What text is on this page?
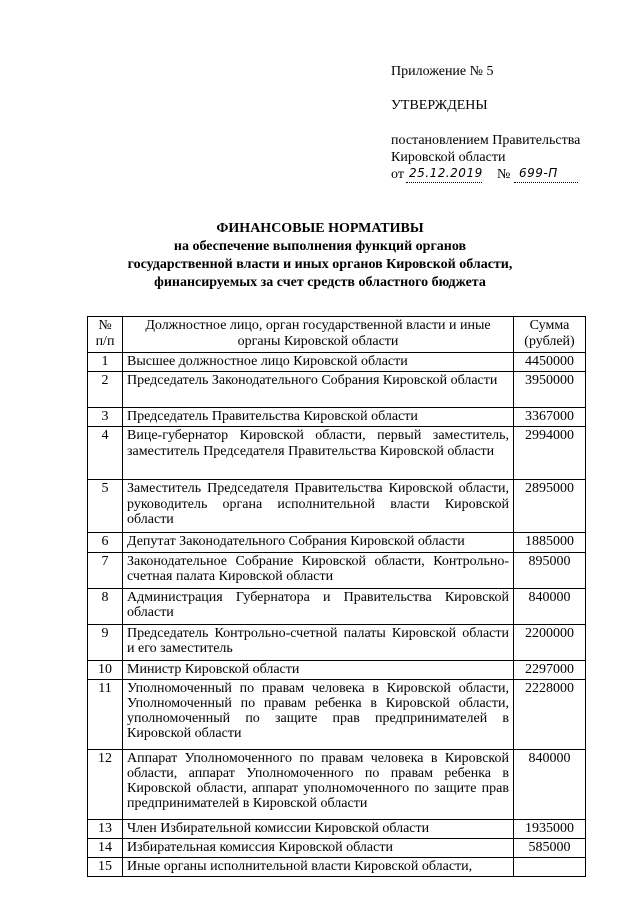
Приложение № 5
УТВЕРЖДЕНЫ
постановлением Правительства
Кировской области
от 25.12.2019 № 699-П
ФИНАНСОВЫЕ НОРМАТИВЫ
на обеспечение выполнения функций органов
государственной власти и иных органов Кировской области,
финансируемых за счет средств областного бюджета
№ п/п	Должностное лицо, орган государственной власти и иные органы Кировской области	Сумма (рублей)
1	Высшее должностное лицо Кировской области	4450000
2	Председатель Законодательного Собрания Кировской области	3950000
3	Председатель Правительства Кировской области	3367000
4	Вице-губернатор Кировской области, первый заместитель, заместитель Председателя Правительства Кировской области	2994000
5	Заместитель Председателя Правительства Кировской области, руководитель органа исполнительной власти Кировской области	2895000
6	Депутат Законодательного Собрания Кировской области	1885000
7	Законодательное Собрание Кировской области, Контрольно-счетная палата Кировской области	895000
8	Администрация Губернатора и Правительства Кировской области	840000
9	Председатель Контрольно-счетной палаты Кировской области и его заместитель	2200000
10	Министр Кировской области	2297000
11	Уполномоченный по правам человека в Кировской области, Уполномоченный по правам ребенка в Кировской области, уполномоченный по защите прав предпринимателей в Кировской области	2228000
12	Аппарат Уполномоченного по правам человека в Кировской области, аппарат Уполномоченного по правам ребенка в Кировской области, аппарат уполномоченного по защите прав предпринимателей в Кировской области	840000
13	Член Избирательной комиссии Кировской области	1935000
14	Избирательная комиссия Кировской области	585000
15	Иные органы исполнительной власти Кировской области,	
